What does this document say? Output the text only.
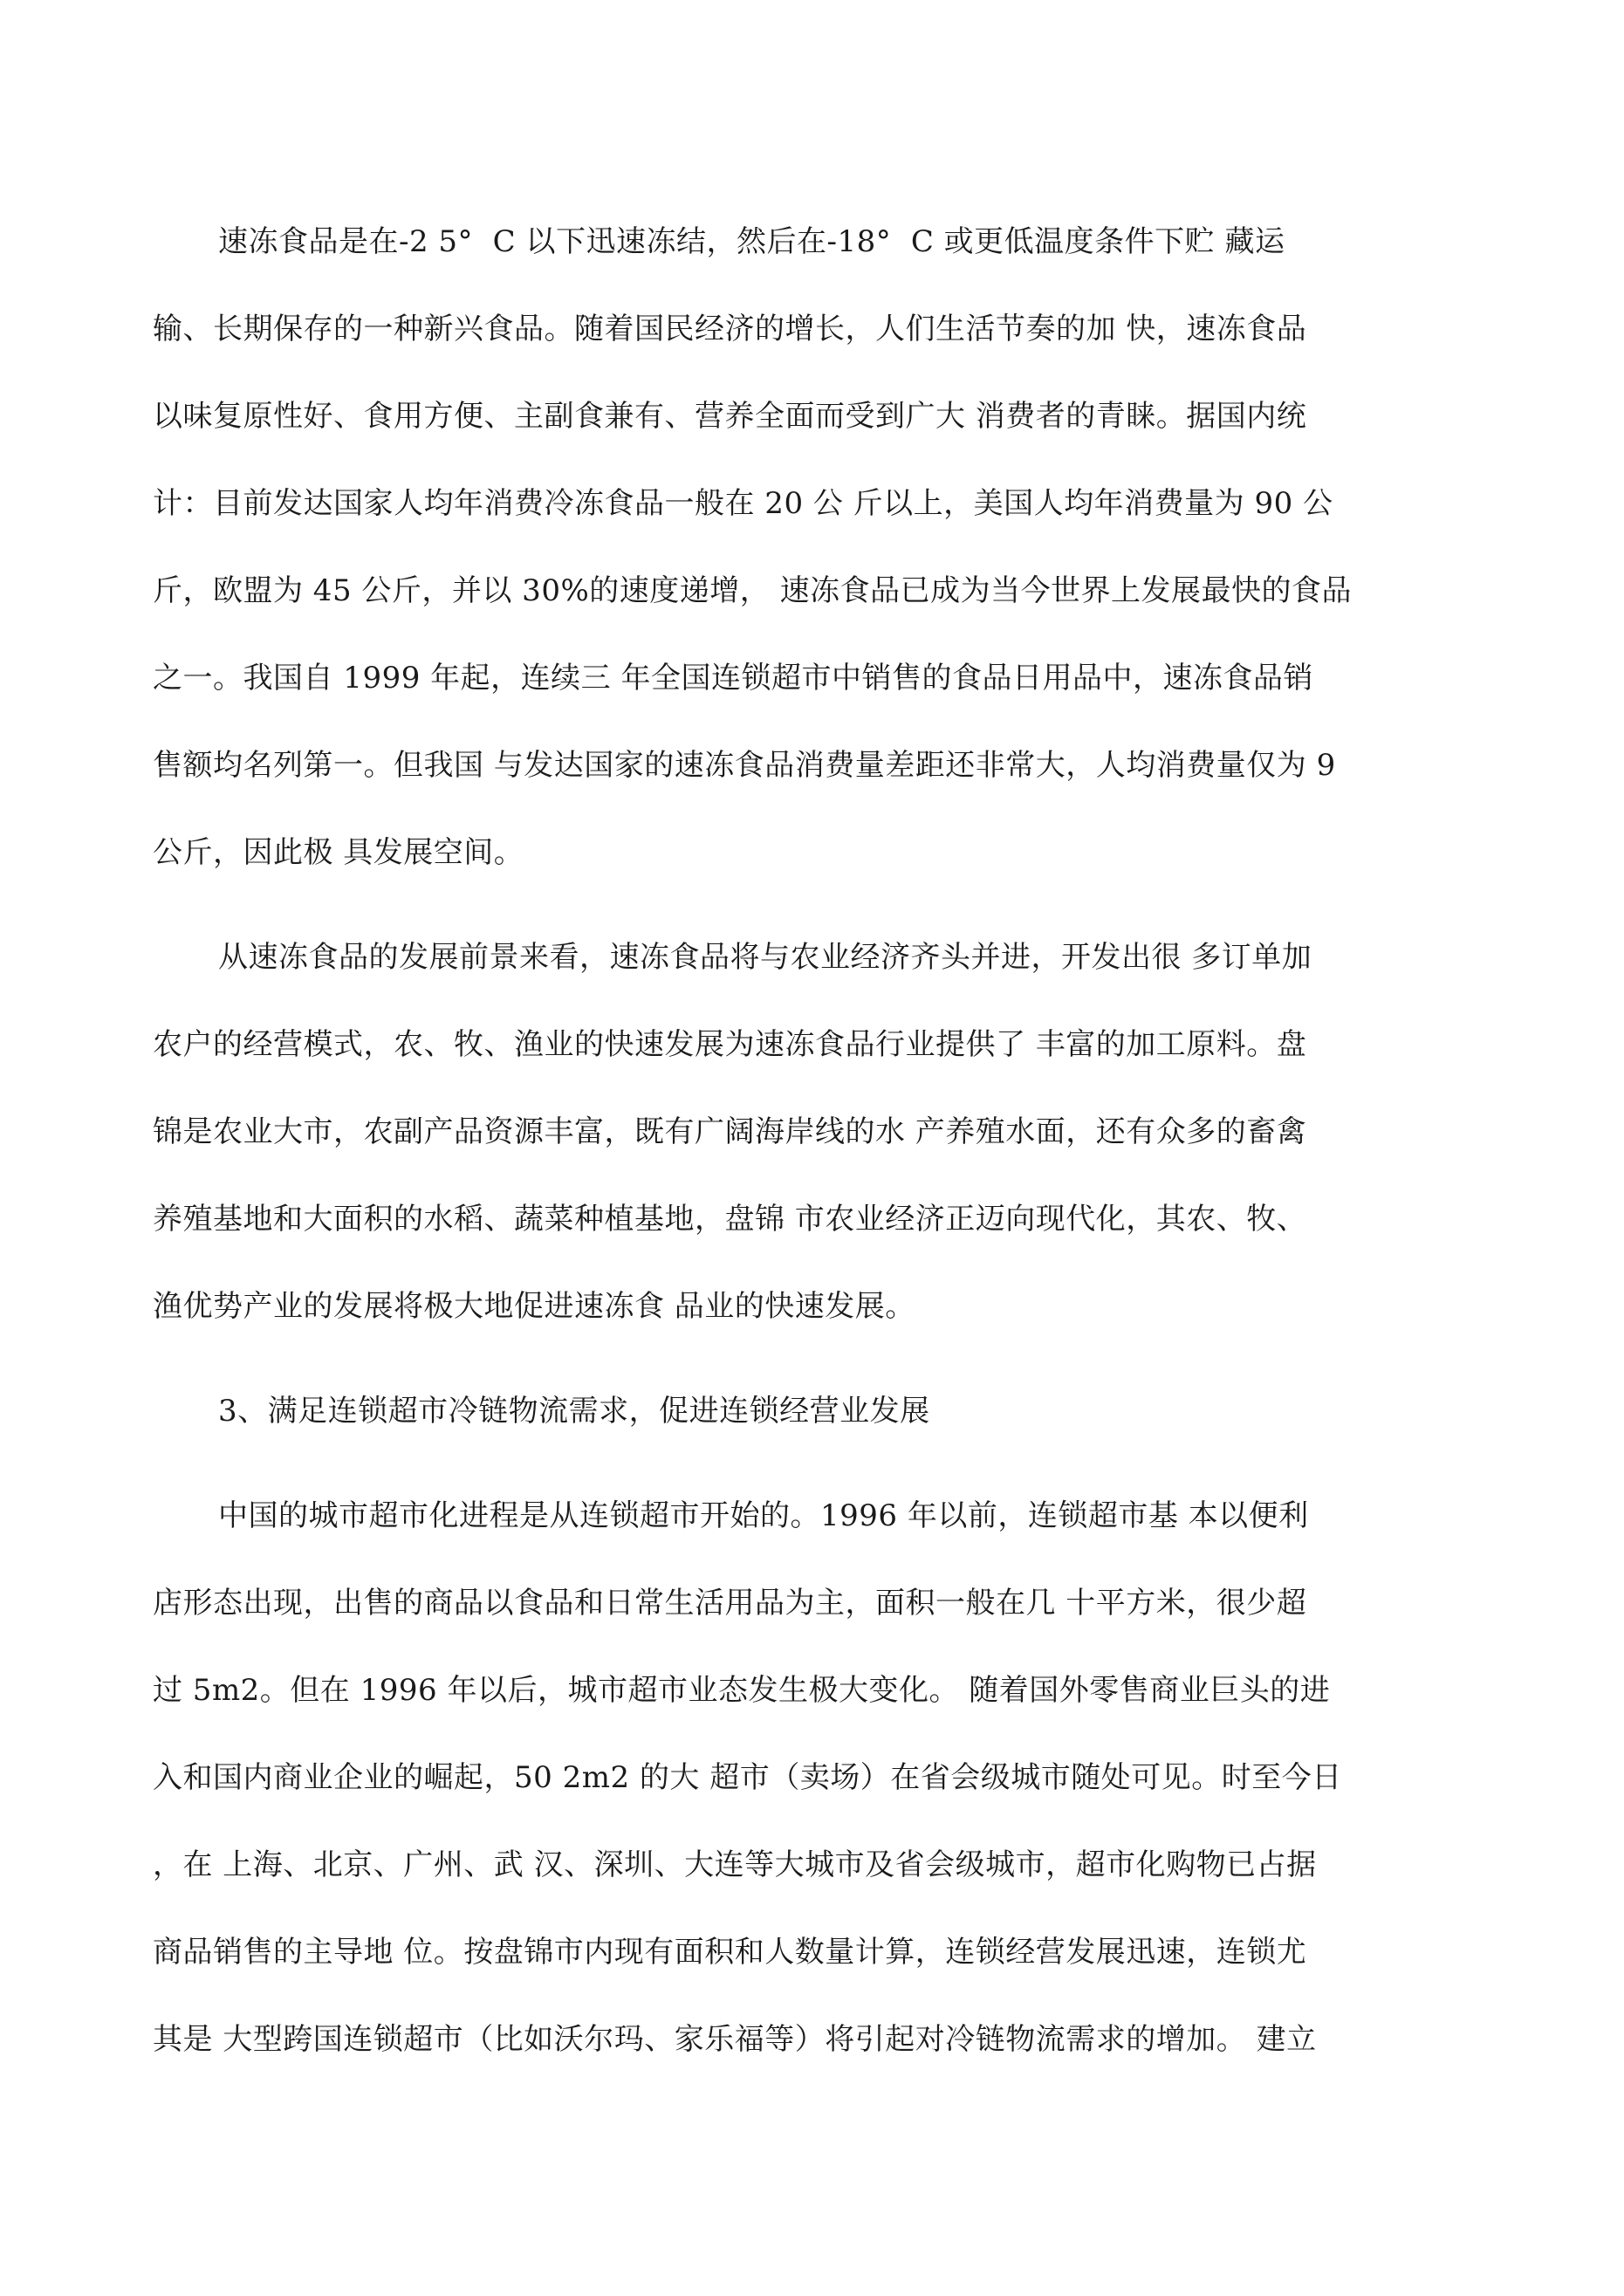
速冻食品是在-2 5°  C 以下迅速冻结，然后在-18°  C 或更低温度条件下贮 藏运
输、长期保存的一种新兴食品。随着国民经济的增长，人们生活节奏的加 快，速冻食品
以味复原性好、食用方便、主副食兼有、营养全面而受到广大 消费者的青睐。据国内统
计：目前发达国家人均年消费冷冻食品一般在 20 公 斤以上，美国人均年消费量为 90 公
斤，欧盟为 45 公斤，并以 30%的速度递增， 速冻食品已成为当今世界上发展最快的食品
之一。我国自 1999 年起，连续三 年全国连锁超市中销售的食品日用品中，速冻食品销
售额均名列第一。但我国 与发达国家的速冻食品消费量差距还非常大，人均消费量仅为 9
公斤，因此极 具发展空间。
从速冻食品的发展前景来看，速冻食品将与农业经济齐头并进，开发出很 多订单加
农户的经营模式，农、牧、渔业的快速发展为速冻食品行业提供了 丰富的加工原料。盘
锦是农业大市，农副产品资源丰富，既有广阔海岸线的水 产养殖水面，还有众多的畜禽
养殖基地和大面积的水稻、蔬菜种植基地，盘锦 市农业经济正迈向现代化，其农、牧、
渔优势产业的发展将极大地促进速冻食 品业的快速发展。
3、满足连锁超市冷链物流需求，促进连锁经营业发展
中国的城市超市化进程是从连锁超市开始的。1996 年以前，连锁超市基 本以便利
店形态出现，出售的商品以食品和日常生活用品为主，面积一般在几 十平方米，很少超
过 5m2。但在 1996 年以后，城市超市业态发生极大变化。 随着国外零售商业巨头的进
入和国内商业企业的崛起，50 2m2 的大 超市（卖场）在省会级城市随处可见。时至今日
，在 上海、北京、广州、武 汉、深圳、大连等大城市及省会级城市，超市化购物已占据
商品销售的主导地 位。按盘锦市内现有面积和人数量计算，连锁经营发展迅速，连锁尤
其是 大型跨国连锁超市（比如沃尔玛、家乐福等）将引起对冷链物流需求的增加。 建立
